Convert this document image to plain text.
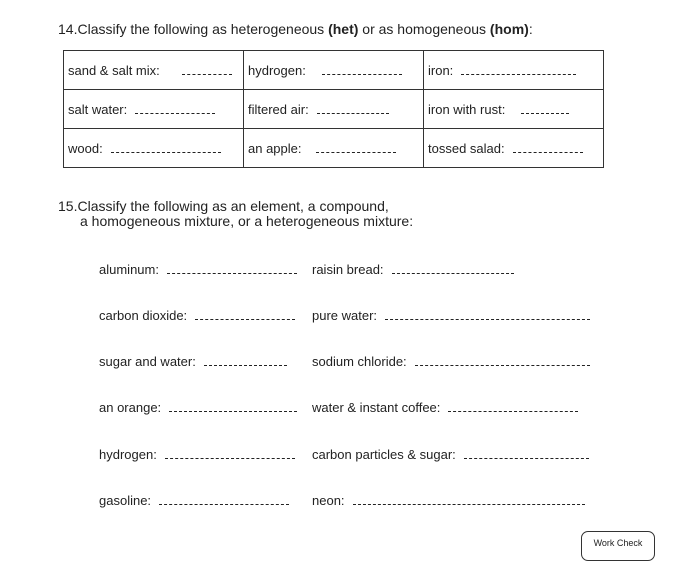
14.Classify the following as heterogeneous (het) or as homogeneous (hom):
sand & salt mix:	hydrogen:	iron:
salt water:	filtered air:	iron with rust:
wood:	an apple:	tossed salad:
15.Classify the following as an element, a compound,
a homogeneous mixture, or a heterogeneous mixture:
aluminum:	raisin bread:
carbon dioxide:	pure water:
sugar and water:	sodium chloride:
an orange:	water & instant coffee:
hydrogen:	carbon particles & sugar:
gasoline:	neon:
Work Check
